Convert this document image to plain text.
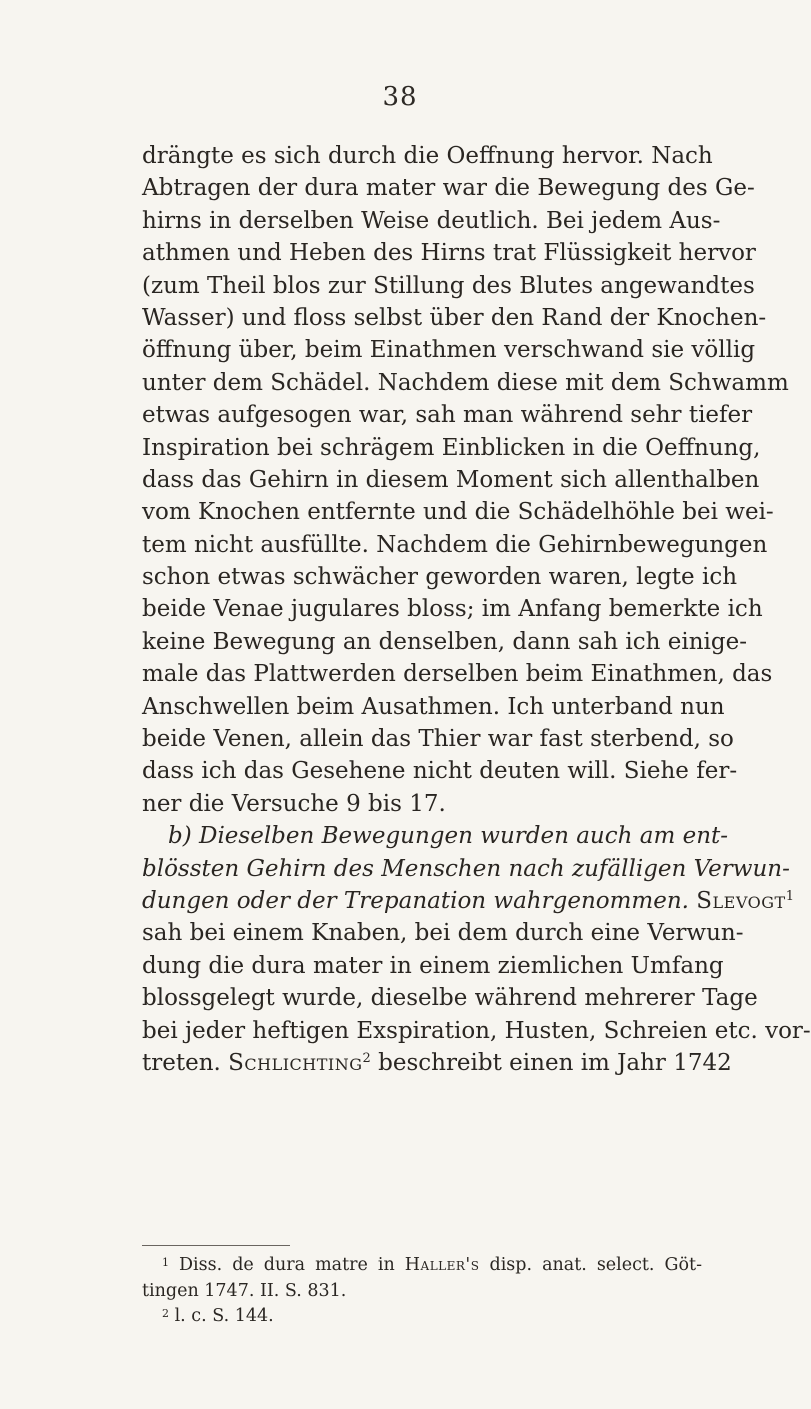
38
drängte es sich durch die Oeffnung hervor. Nach
Abtragen der dura mater war die Bewegung des Ge-
hirns in derselben Weise deutlich. Bei jedem Aus-
athmen und Heben des Hirns trat Flüssigkeit hervor
(zum Theil blos zur Stillung des Blutes angewandtes
Wasser) und floss selbst über den Rand der Knochen-
öffnung über, beim Einathmen verschwand sie völlig
unter dem Schädel. Nachdem diese mit dem Schwamm
etwas aufgesogen war, sah man während sehr tiefer
Inspiration bei schrägem Einblicken in die Oeffnung,
dass das Gehirn in diesem Moment sich allenthalben
vom Knochen entfernte und die Schädelhöhle bei wei-
tem nicht ausfüllte. Nachdem die Gehirnbewegungen
schon etwas schwächer geworden waren, legte ich
beide Venae jugulares bloss; im Anfang bemerkte ich
keine Bewegung an denselben, dann sah ich einige-
male das Plattwerden derselben beim Einathmen, das
Anschwellen beim Ausathmen. Ich unterband nun
beide Venen, allein das Thier war fast sterbend, so
dass ich das Gesehene nicht deuten will. Siehe fer-
ner die Versuche 9 bis 17.
b) Dieselben Bewegungen wurden auch am ent-
blössten Gehirn des Menschen nach zufälligen Verwun-
dungen oder der Trepanation wahrgenommen. Slevogt$^1$
sah bei einem Knaben, bei dem durch eine Verwun-
dung die dura mater in einem ziemlichen Umfang
blossgelegt wurde, dieselbe während mehrerer Tage
bei jeder heftigen Exspiration, Husten, Schreien etc. vor-
treten. Schlichting$^2$ beschreibt einen im Jahr 1742
$^1$ Diss. de dura matre in Haller's disp. anat. select. Göt-
tingen 1747. II. S. 831.
$^2$ l. c. S. 144.
